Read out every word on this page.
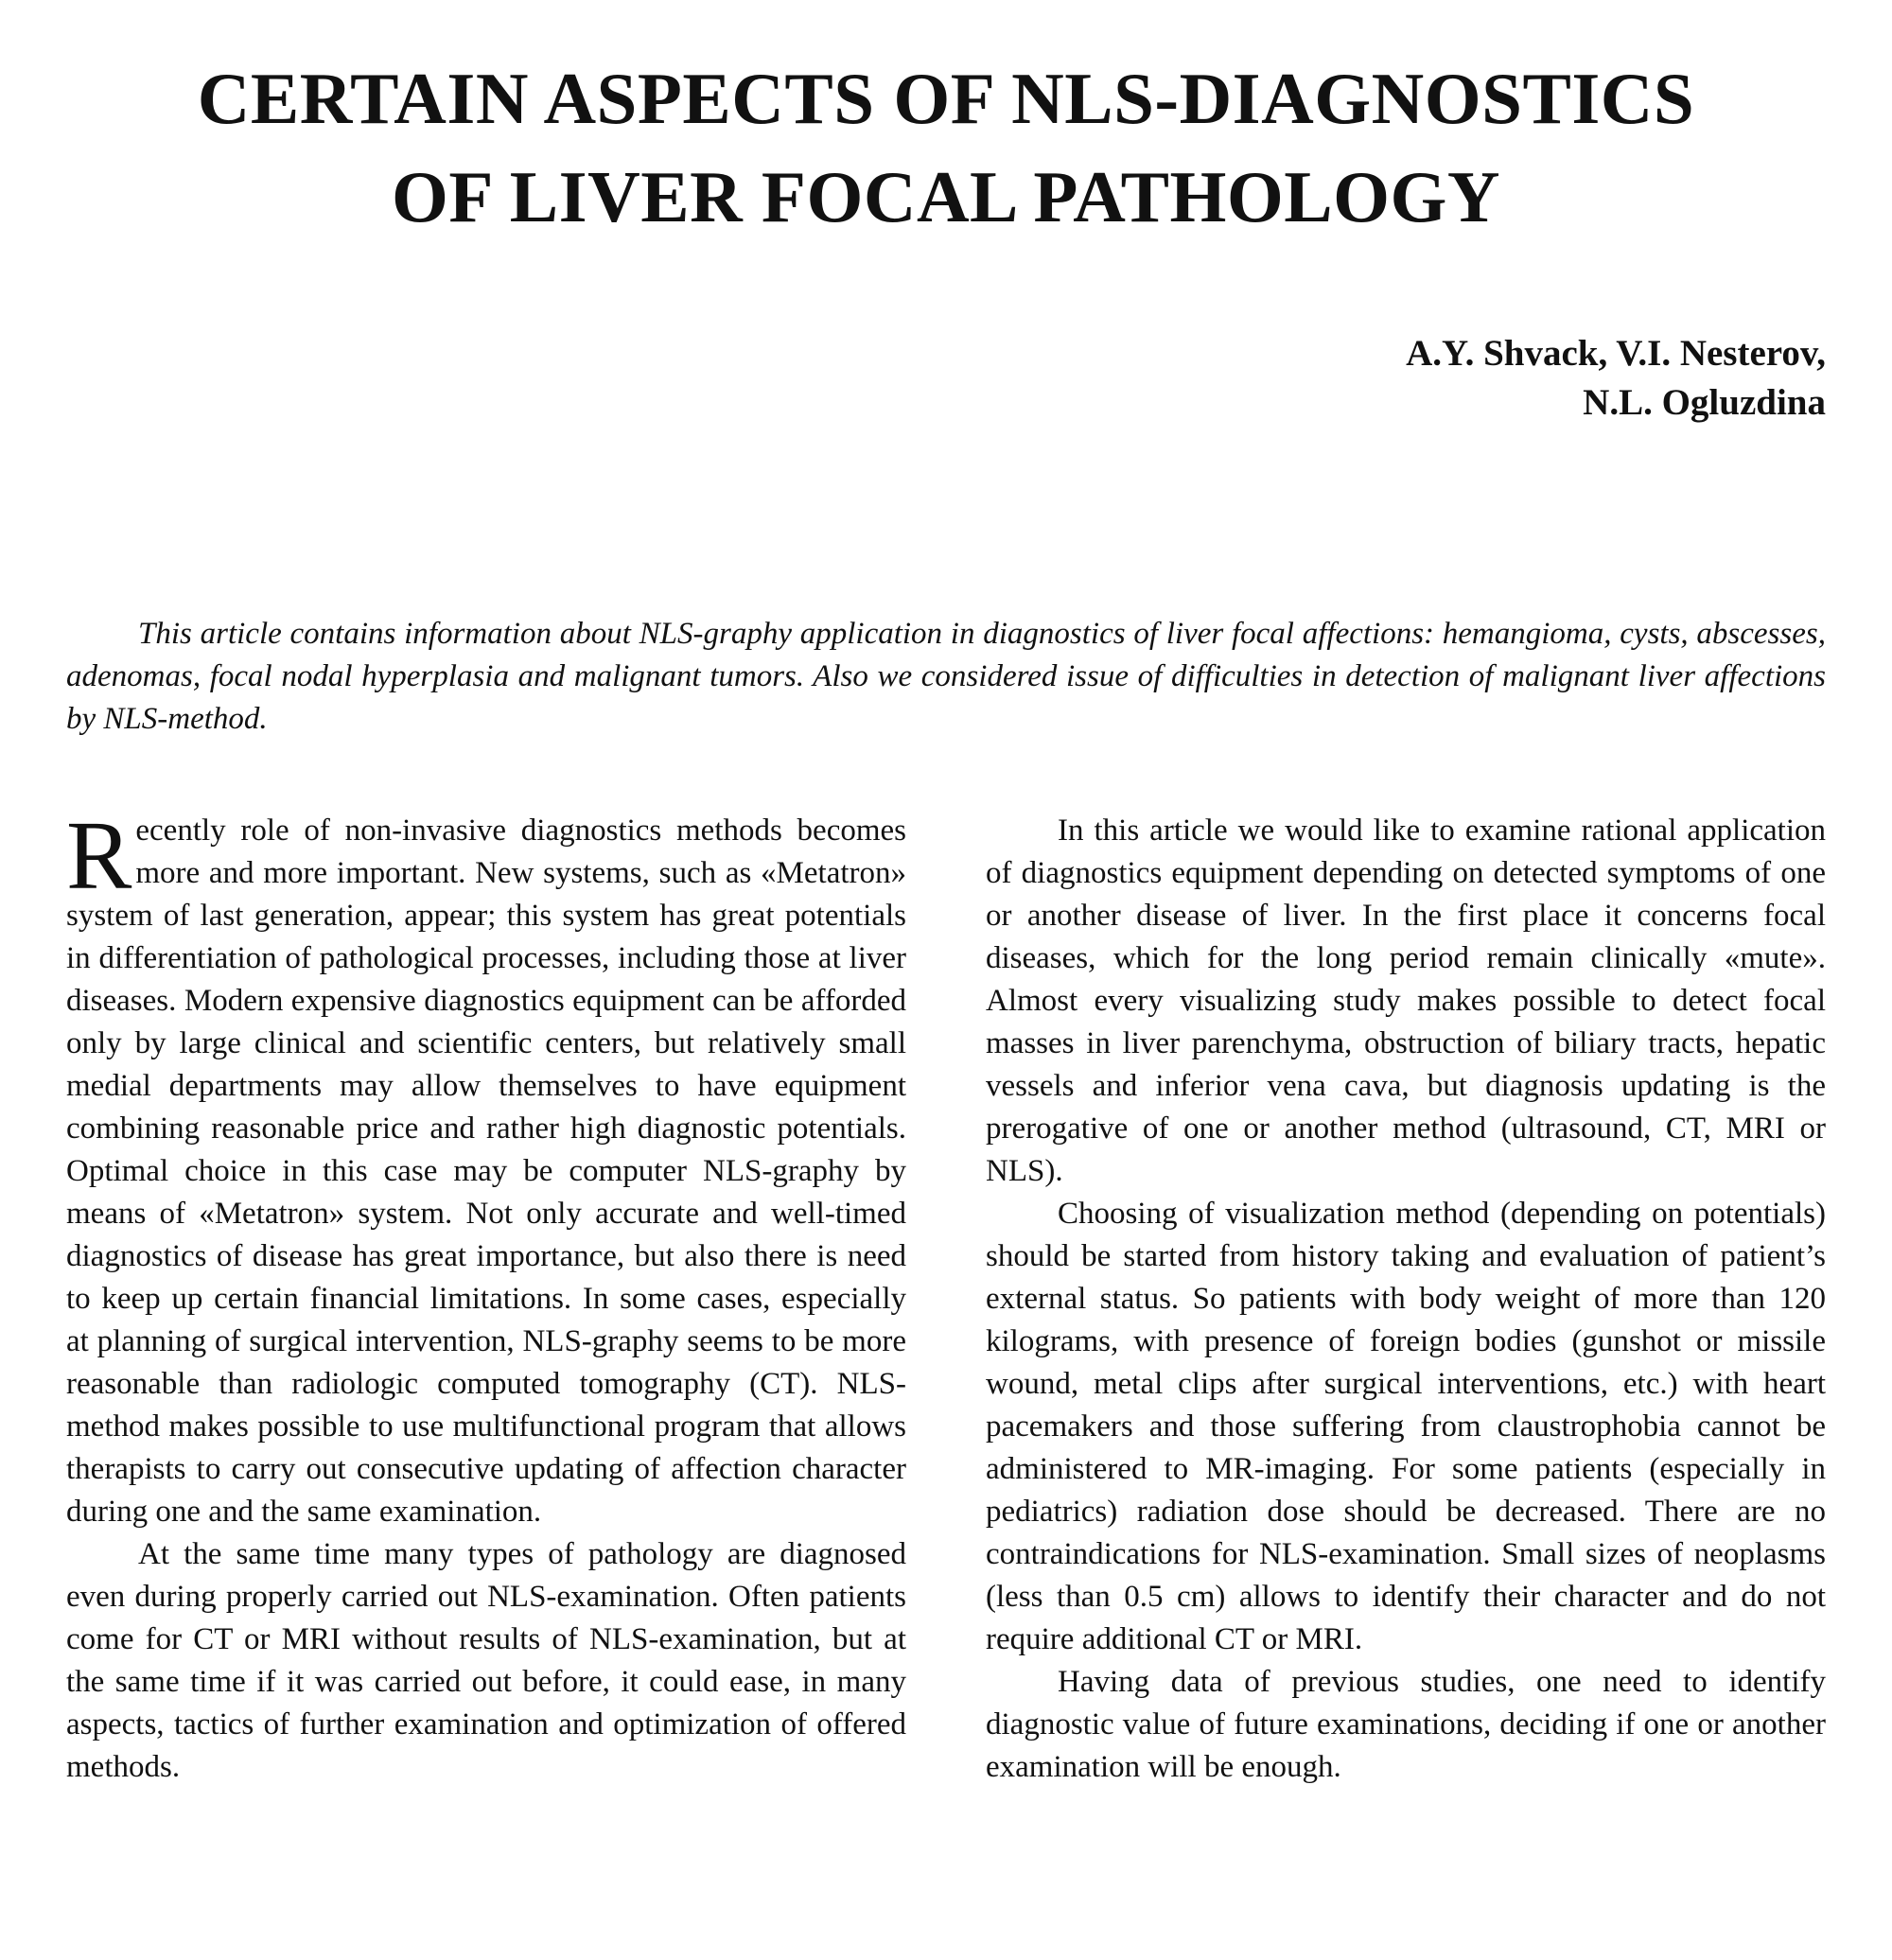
CERTAIN ASPECTS OF NLS-DIAGNOSTICS
OF LIVER FOCAL PATHOLOGY
A.Y. Shvack, V.I. Nesterov,
N.L. Ogluzdina

This article contains information about NLS-graphy application in diagnostics of liver focal affections: hemangioma, cysts, abscesses, adenomas, focal nodal hyperplasia and malignant tumors. Also we considered issue of difficulties in detection of malignant liver affections by NLS-method.

Recently role of non-invasive diagnostics methods becomes more and more important. New systems, such as «Metatron» system of last generation, appear; this system has great potentials in differentiation of pathological processes, including those at liver diseases. Modern expensive diagnostics equipment can be afforded only by large clinical and scientific centers, but relatively small medial departments may allow themselves to have equipment combining reasonable price and rather high diagnostic potentials. Optimal choice in this case may be computer NLS-graphy by means of «Metatron» system. Not only accurate and well-timed diagnostics of disease has great importance, but also there is need to keep up certain financial limitations. In some cases, especially at planning of surgical intervention, NLS-graphy seems to be more reasonable than radiologic computed tomography (CT). NLS-method makes possible to use multifunctional program that allows therapists to carry out consecutive updating of affection character during one and the same examination.

At the same time many types of pathology are diagnosed even during properly carried out NLS-examination. Often patients come for CT or MRI without results of NLS-examination, but at the same time if it was carried out before, it could ease, in many aspects, tactics of further examination and optimization of offered methods.

In this article we would like to examine rational application of diagnostics equipment depending on detected symptoms of one or another disease of liver. In the first place it concerns focal diseases, which for the long period remain clinically «mute». Almost every visualizing study makes possible to detect focal masses in liver parenchyma, obstruction of biliary tracts, hepatic vessels and inferior vena cava, but diagnosis updating is the prerogative of one or another method (ultrasound, CT, MRI or NLS).

Choosing of visualization method (depending on potentials) should be started from history taking and evaluation of patient’s external status. So patients with body weight of more than 120 kilograms, with presence of foreign bodies (gunshot or missile wound, metal clips after surgical interventions, etc.) with heart pacemakers and those suffering from claustrophobia cannot be administered to MR-imaging. For some patients (especially in pediatrics) radiation dose should be decreased. There are no contraindications for NLS-examination. Small sizes of neoplasms (less than 0.5 cm) allows to identify their character and do not require additional CT or MRI.

Having data of previous studies, one need to identify diagnostic value of future examinations, deciding if one or another examination will be enough.
